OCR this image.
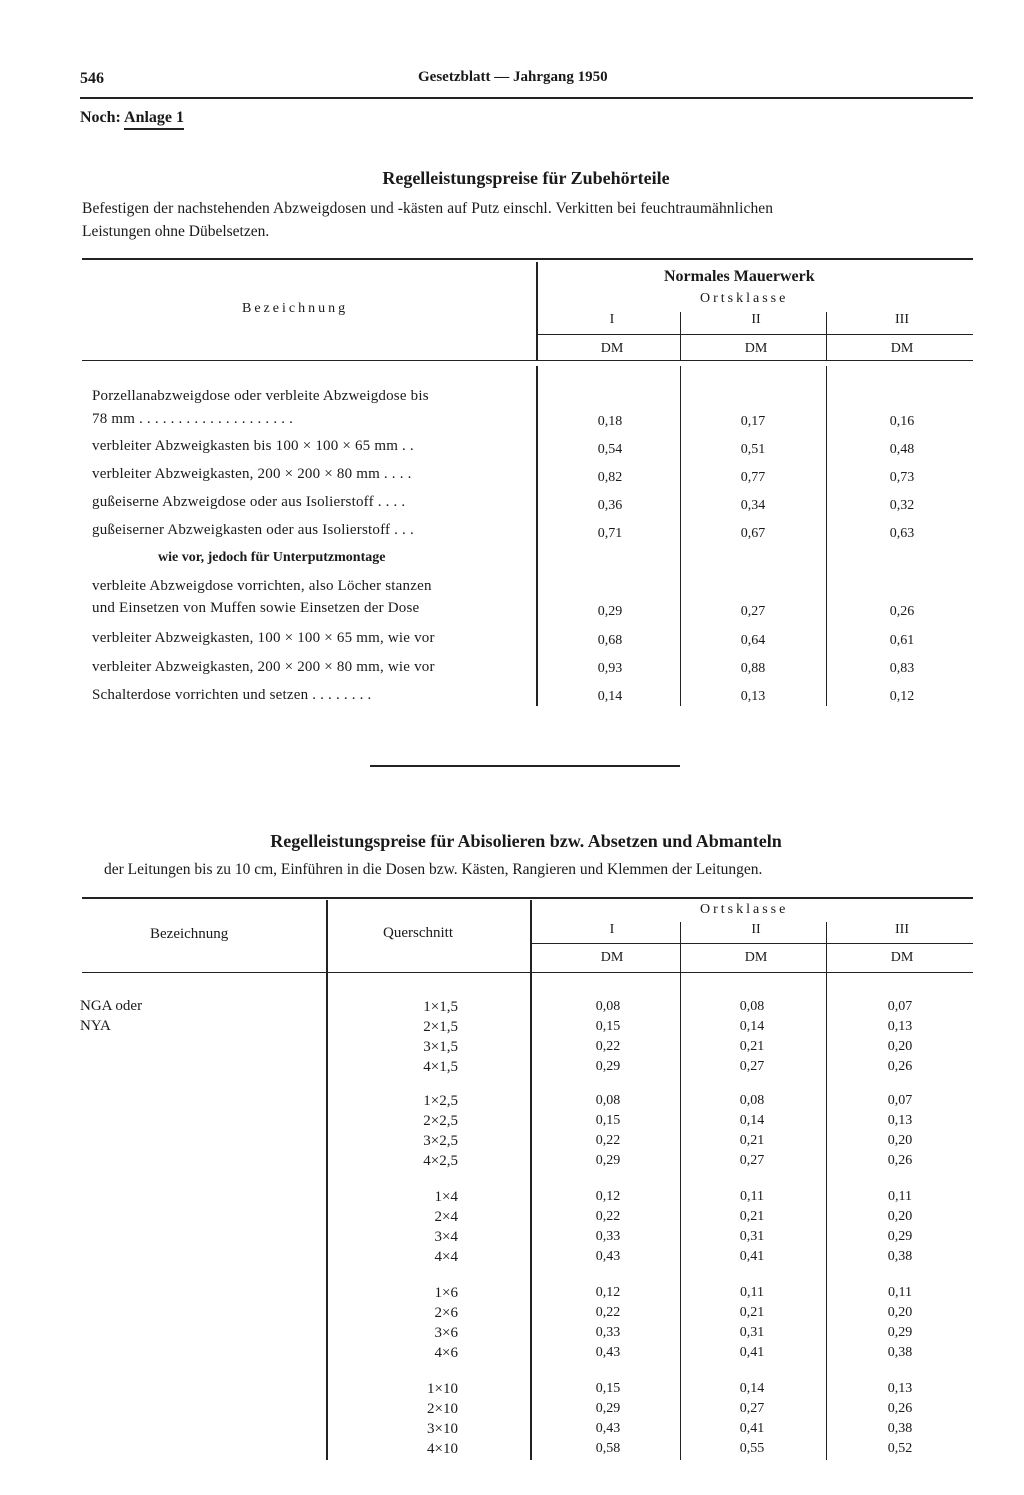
546	Gesetzblatt — Jahrgang 1950
Noch: Anlage 1
Regelleistungspreise für Zubehörteile
Befestigen der nachstehenden Abzweigdosen und -kästen auf Putz einschl. Verkitten bei feuchtraumähnlichen
Leistungen ohne Dübelsetzen.
Bezeichnung
Normales Mauerwerk
Ortsklasse
I	II	III
DM	DM	DM
Porzellanabzweigdose oder verbleite Abzweigdose bis
78 mm . . . . . . . . . . . . . . . . . . . .	0,18	0,17	0,16
verbleiter Abzweigkasten bis 100 × 100 × 65 mm . .	0,54	0,51	0,48
verbleiter Abzweigkasten, 200 × 200 × 80 mm . . . .	0,82	0,77	0,73
gußeiserne Abzweigdose oder aus Isolierstoff . . . .	0,36	0,34	0,32
gußeiserner Abzweigkasten oder aus Isolierstoff . . .	0,71	0,67	0,63
wie vor, jedoch für Unterputzmontage
verbleite Abzweigdose vorrichten, also Löcher stanzen
und Einsetzen von Muffen sowie Einsetzen der Dose	0,29	0,27	0,26
verbleiter Abzweigkasten, 100 × 100 × 65 mm, wie vor	0,68	0,64	0,61
verbleiter Abzweigkasten, 200 × 200 × 80 mm, wie vor	0,93	0,88	0,83
Schalterdose vorrichten und setzen . . . . . . . .	0,14	0,13	0,12
Regelleistungspreise für Abisolieren bzw. Absetzen und Abmanteln
der Leitungen bis zu 10 cm, Einführen in die Dosen bzw. Kästen, Rangieren und Klemmen der Leitungen.
Bezeichnung	Querschnitt
Ortsklasse
I	II	III
DM	DM	DM
NGA oder
NYA
1×1,5	0,08	0,08	0,07
2×1,5	0,15	0,14	0,13
3×1,5	0,22	0,21	0,20
4×1,5	0,29	0,27	0,26
1×2,5	0,08	0,08	0,07
2×2,5	0,15	0,14	0,13
3×2,5	0,22	0,21	0,20
4×2,5	0,29	0,27	0,26
1×4	0,12	0,11	0,11
2×4	0,22	0,21	0,20
3×4	0,33	0,31	0,29
4×4	0,43	0,41	0,38
1×6	0,12	0,11	0,11
2×6	0,22	0,21	0,20
3×6	0,33	0,31	0,29
4×6	0,43	0,41	0,38
1×10	0,15	0,14	0,13
2×10	0,29	0,27	0,26
3×10	0,43	0,41	0,38
4×10	0,58	0,55	0,52
